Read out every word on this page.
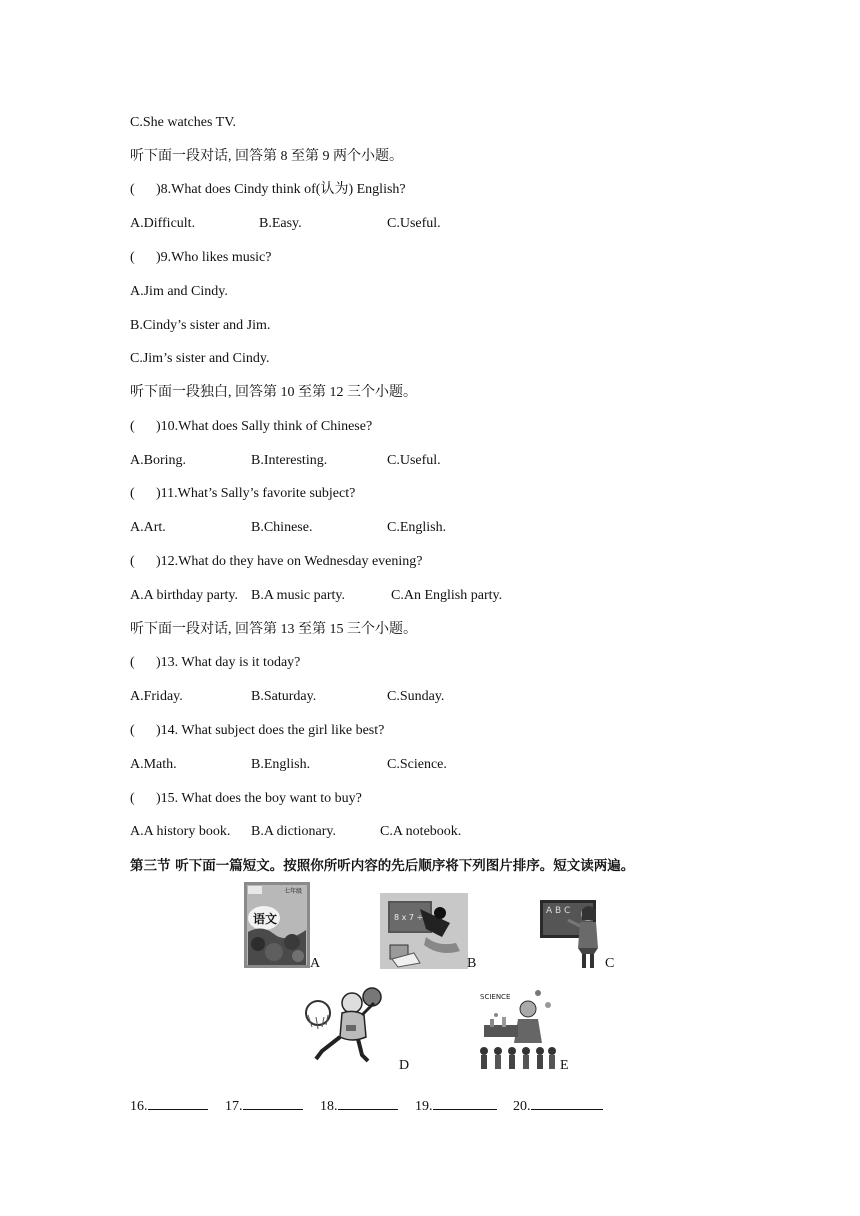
C.She watches TV.
听下面一段对话, 回答第 8 至第 9 两个小题。
( )8.What does Cindy think of(认为) English?
A.Difficult.	B.Easy.	C.Useful.
( )9.Who likes music?
A.Jim and Cindy.
B.Cindy’s sister and Jim.
C.Jim’s sister and Cindy.
听下面一段独白, 回答第 10 至第 12 三个小题。
( )10.What does Sally think of Chinese?
A.Boring.	B.Interesting.	C.Useful.
( )11.What’s Sally’s favorite subject?
A.Art.	B.Chinese.	C.English.
( )12.What do they have on Wednesday evening?
A.A birthday party. B.A music party.	C.An English party.
听下面一段对话, 回答第 13 至第 15 三个小题。
( )13. What day is it today?
A.Friday.	B.Saturday.	C.Sunday.
( )14. What subject does the girl like best?
A.Math.	B.English.	C.Science.
( )15. What does the boy want to buy?
A.A history book. B.A dictionary.	C.A notebook.
第三节 听下面一篇短文。按照你所听内容的先后顺序将下列图片排序。短文读两遍。
语文
七年级
A
8 x 7 ÷
B
A B C
C
D
SCIENCE
E
16.	17.	18.	19.	20.
